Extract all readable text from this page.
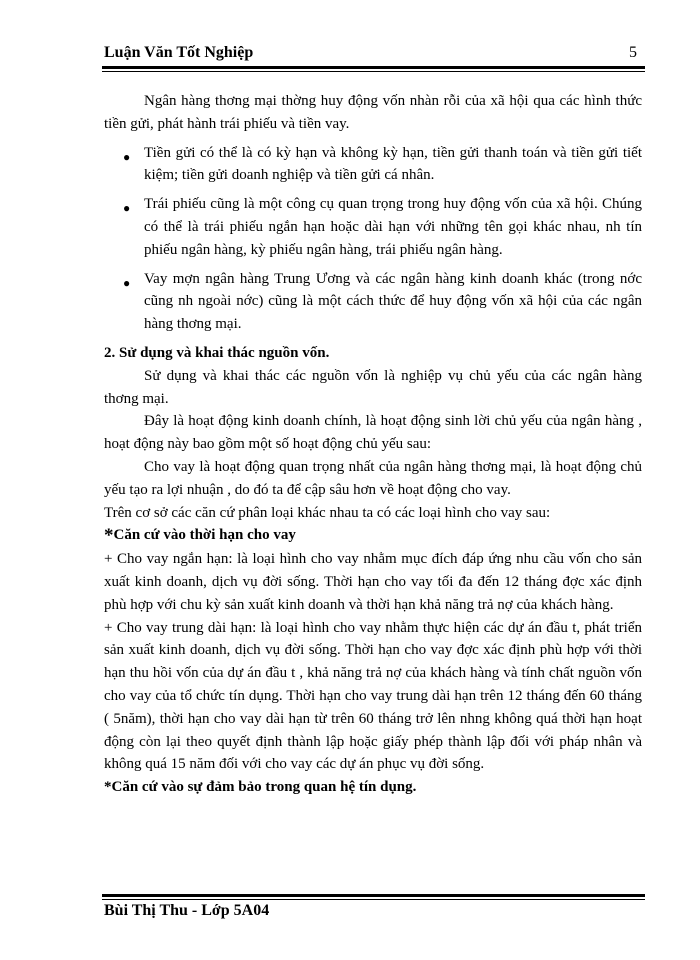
Luận Văn Tốt Nghiệp	5

Ngân hàng thơng mại thờng huy động vốn nhàn rỗi của xã hội qua các hình thức tiền gửi, phát hành trái phiếu và tiền vay.

● Tiền gửi có thể là có kỳ hạn và không kỳ hạn, tiền gửi thanh toán và tiền gửi tiết kiệm; tiền gửi doanh nghiệp và tiền gửi cá nhân.
● Trái phiếu cũng là một công cụ quan trọng trong huy động vốn của xã hội. Chúng có thể là trái phiếu ngắn hạn hoặc dài hạn với những tên gọi khác nhau, nh tín phiếu ngân hàng, kỳ phiếu ngân hàng, trái phiếu ngân hàng.
● Vay mợn ngân hàng Trung Ương và các ngân hàng kinh doanh khác (trong nớc cũng nh ngoài nớc) cũng là một cách thức để huy động vốn xã hội của các ngân hàng thơng mại.

2. Sử dụng và khai thác nguồn vốn.

Sử dụng và khai thác các nguồn vốn là nghiệp vụ chủ yếu của các ngân hàng thơng mại.

Đây là hoạt động kinh doanh chính, là hoạt động sinh lời chủ yếu của ngân hàng , hoạt động này bao gồm một số hoạt động chủ yếu sau:

Cho vay là hoạt động quan trọng nhất của ngân hàng thơng mại, là hoạt động chủ yếu tạo ra lợi nhuận , do đó ta để cập sâu hơn về hoạt động cho vay.

Trên cơ sở các căn cứ phân loại khác nhau ta có các loại hình cho vay sau:

*Căn cứ vào thời hạn cho vay

+ Cho vay ngắn hạn: là loại hình cho vay nhằm mục đích đáp ứng nhu cầu vốn cho sản xuất kinh doanh, dịch vụ đời sống. Thời hạn cho vay tối đa đến 12 tháng đợc xác định phù hợp với chu kỳ sản xuất kinh doanh và thời hạn khả năng trả nợ của khách hàng.

+ Cho vay trung dài hạn: là loại hình cho vay nhằm thực hiện các dự án đầu t, phát triển sản xuất kinh doanh, dịch vụ đời sống. Thời hạn cho vay đợc xác định phù hợp với thời hạn thu hồi vốn của dự án đầu t , khả năng trả nợ của khách hàng và tính chất nguồn vốn cho vay của tổ chức tín dụng. Thời hạn cho vay trung dài hạn trên 12 tháng đến 60 tháng ( 5năm), thời hạn cho vay dài hạn từ trên 60 tháng trở lên nhng không quá thời hạn hoạt động còn lại theo quyết định thành lập hoặc giấy phép thành lập đối với pháp nhân và không quá 15 năm đối với cho vay các dự án phục vụ đời sống.

*Căn cứ vào sự đảm bảo trong quan hệ tín dụng.

Bùi Thị Thu - Lớp 5A04
